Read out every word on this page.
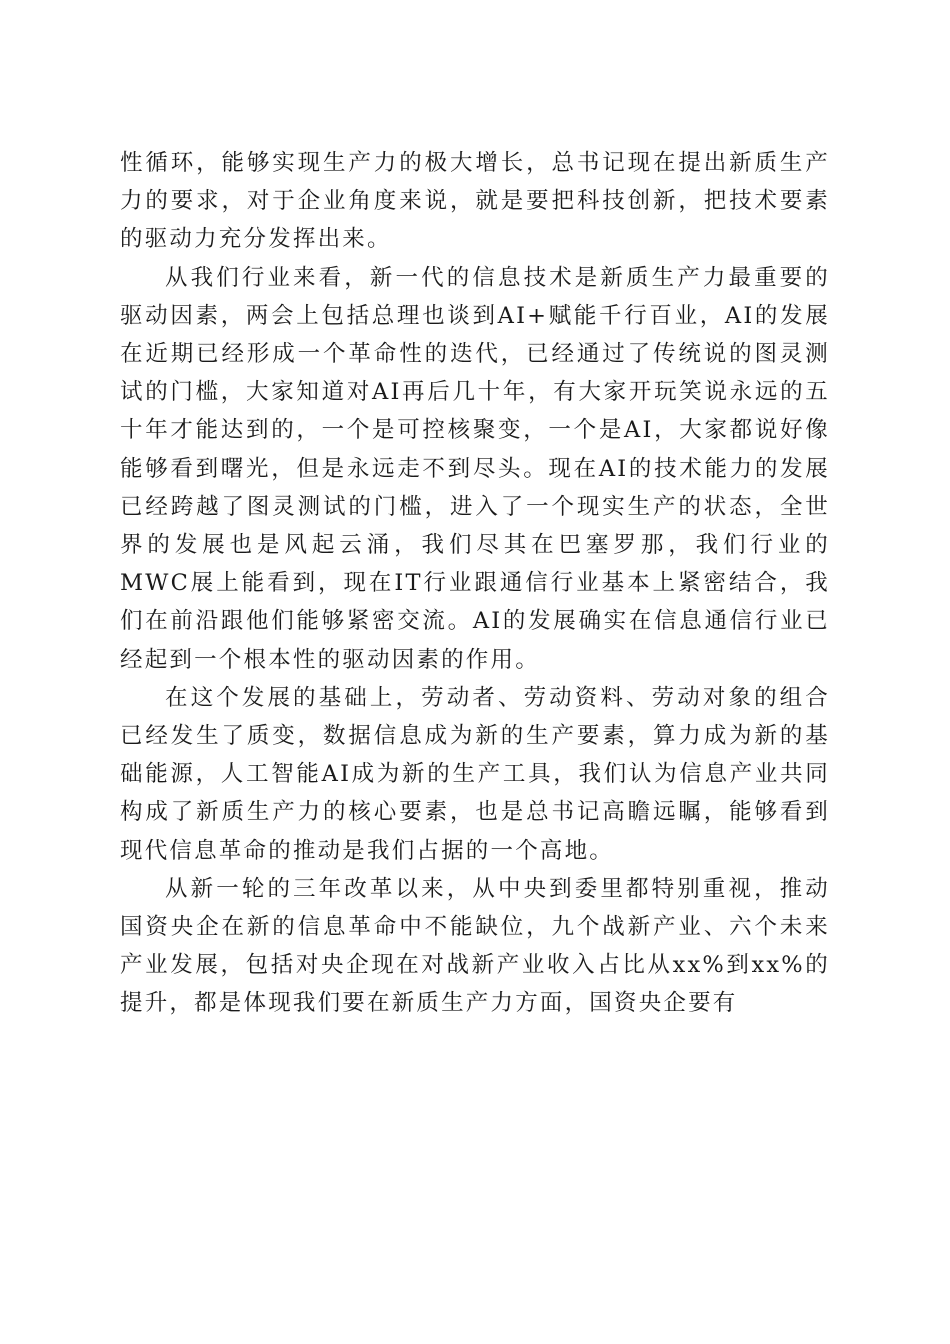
性循环，能够实现生产力的极大增长，总书记现在提出新质生产力的要求，对于企业角度来说，就是要把科技创新，把技术要素的驱动力充分发挥出来。

从我们行业来看，新一代的信息技术是新质生产力最重要的驱动因素，两会上包括总理也谈到AI+赋能千行百业，AI的发展在近期已经形成一个革命性的迭代，已经通过了传统说的图灵测试的门槛，大家知道对AI再后几十年，有大家开玩笑说永远的五十年才能达到的，一个是可控核聚变，一个是AI，大家都说好像能够看到曙光，但是永远走不到尽头。现在AI的技术能力的发展已经跨越了图灵测试的门槛，进入了一个现实生产的状态，全世界的发展也是风起云涌，我们尽其在巴塞罗那，我们行业的MWC展上能看到，现在IT行业跟通信行业基本上紧密结合，我们在前沿跟他们能够紧密交流。AI的发展确实在信息通信行业已经起到一个根本性的驱动因素的作用。

在这个发展的基础上，劳动者、劳动资料、劳动对象的组合已经发生了质变，数据信息成为新的生产要素，算力成为新的基础能源，人工智能AI成为新的生产工具，我们认为信息产业共同构成了新质生产力的核心要素，也是总书记高瞻远瞩，能够看到现代信息革命的推动是我们占据的一个高地。

从新一轮的三年改革以来，从中央到委里都特别重视，推动国资央企在新的信息革命中不能缺位，九个战新产业、六个未来产业发展，包括对央企现在对战新产业收入占比从xx%到xx%的提升，都是体现我们要在新质生产力方面，国资央企要有
